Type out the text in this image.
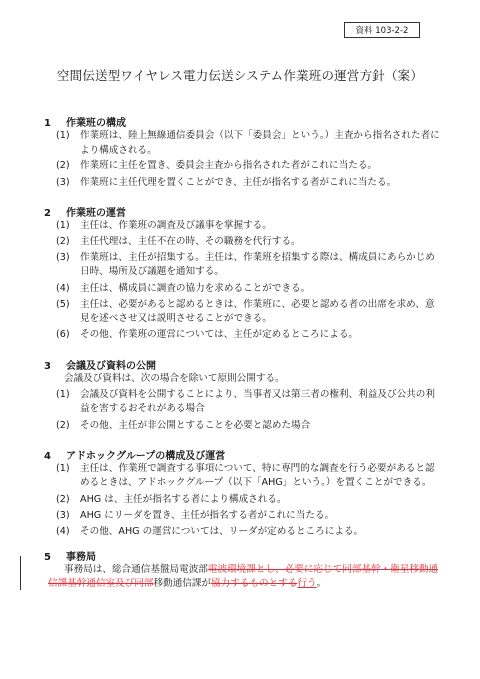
資料 103-2-2
空間伝送型ワイヤレス電力伝送システム作業班の運営方針（案）
1 作業班の構成
(1) 作業班は、陸上無線通信委員会（以下「委員会」という。）主査から指名された者に
より構成される。
(2) 作業班に主任を置き、委員会主査から指名された者がこれに当たる。
(3) 作業班に主任代理を置くことができ、主任が指名する者がこれに当たる。
2 作業班の運営
(1) 主任は、作業班の調査及び議事を掌握する。
(2) 主任代理は、主任不在の時、その職務を代行する。
(3) 作業班は、主任が招集する。主任は、作業班を招集する際は、構成員にあらかじめ
日時、場所及び議題を通知する。
(4) 主任は、構成員に調査の協力を求めることができる。
(5) 主任は、必要があると認めるときは、作業班に、必要と認める者の出席を求め、意
見を述べさせ又は説明させることができる。
(6) その他、作業班の運営については、主任が定めるところによる。
3 会議及び資料の公開
会議及び資料は、次の場合を除いて原則公開する。
(1) 会議及び資料を公開することにより、当事者又は第三者の権利、利益及び公共の利
益を害するおそれがある場合
(2) その他、主任が非公開とすることを必要と認めた場合
4 アドホックグループの構成及び運営
(1) 主任は、作業班で調査する事項について、特に専門的な調査を行う必要があると認
めるときは、アドホックグループ（以下「AHG」という。）を置くことができる。
(2) AHG は、主任が指名する者により構成される。
(3) AHG にリーダを置き、主任が指名する者がこれに当たる。
(4) その他、AHG の運営については、リーダが定めるところによる。
5 事務局
事務局は、総合通信基盤局電波部電波環境課とし、必要に応じて同部基幹・衛星移動通
信課基幹通信室及び同部移動通信課が協力するものとする行う。
